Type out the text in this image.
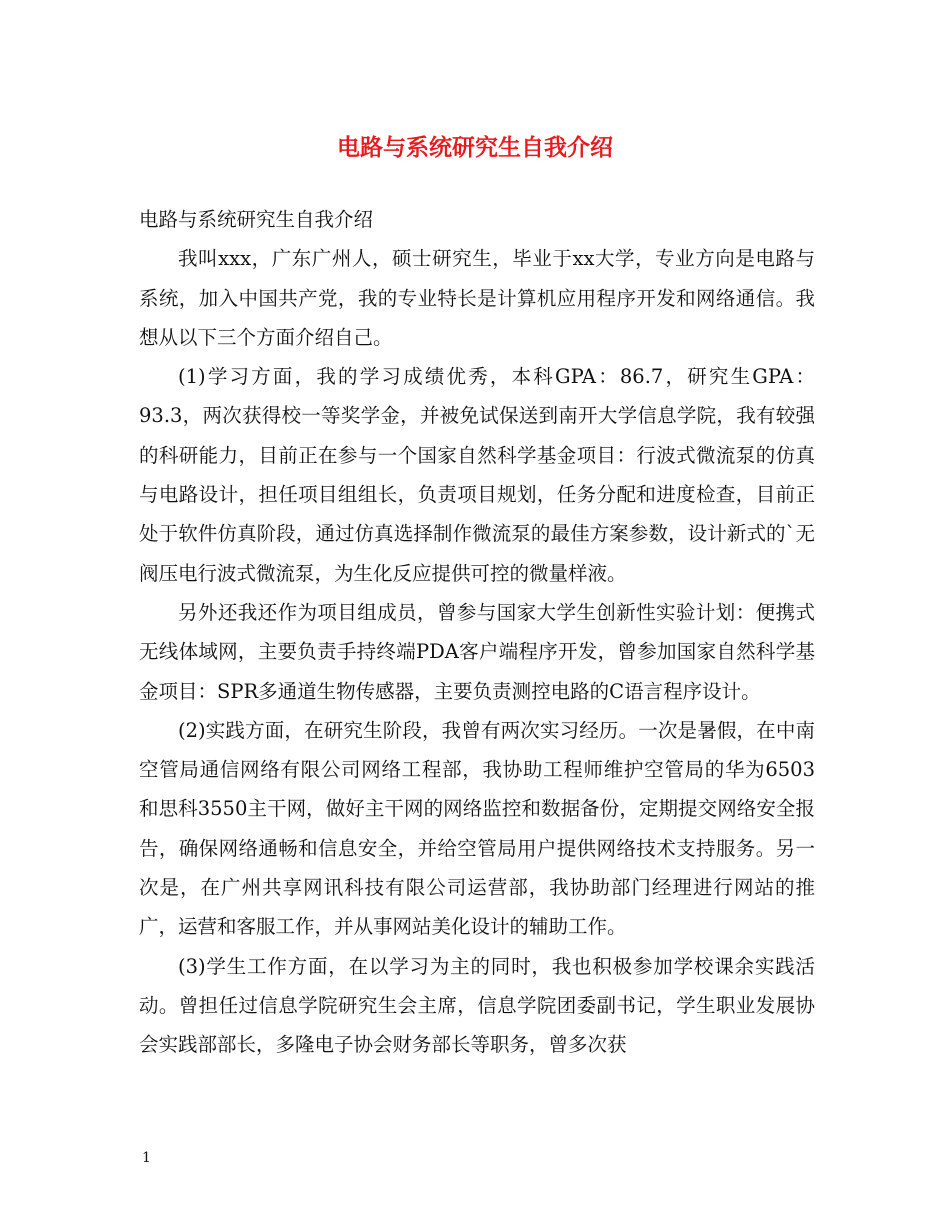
电路与系统研究生自我介绍

电路与系统研究生自我介绍

我叫xxx，广东广州人，硕士研究生，毕业于xx大学，专业方向是电路与系统，加入中国共产党，我的专业特长是计算机应用程序开发和网络通信。我想从以下三个方面介绍自己。

(1)学习方面，我的学习成绩优秀，本科GPA：86.7，研究生GPA：93.3，两次获得校一等奖学金，并被免试保送到南开大学信息学院，我有较强的科研能力，目前正在参与一个国家自然科学基金项目：行波式微流泵的仿真与电路设计，担任项目组组长，负责项目规划，任务分配和进度检查，目前正处于软件仿真阶段，通过仿真选择制作微流泵的最佳方案参数，设计新式的`无阀压电行波式微流泵，为生化反应提供可控的微量样液。

另外还我还作为项目组成员，曾参与国家大学生创新性实验计划：便携式无线体域网，主要负责手持终端PDA客户端程序开发，曾参加国家自然科学基金项目：SPR多通道生物传感器，主要负责测控电路的C语言程序设计。

(2)实践方面，在研究生阶段，我曾有两次实习经历。一次是暑假，在中南空管局通信网络有限公司网络工程部，我协助工程师维护空管局的华为6503 和思科3550主干网，做好主干网的网络监控和数据备份，定期提交网络安全报告，确保网络通畅和信息安全，并给空管局用户提供网络技术支持服务。另一次是，在广州共享网讯科技有限公司运营部，我协助部门经理进行网站的推广，运营和客服工作，并从事网站美化设计的辅助工作。

(3)学生工作方面，在以学习为主的同时，我也积极参加学校课余实践活动。曾担任过信息学院研究生会主席，信息学院团委副书记，学生职业发展协会实践部部长，多隆电子协会财务部长等职务，曾多次获

1
